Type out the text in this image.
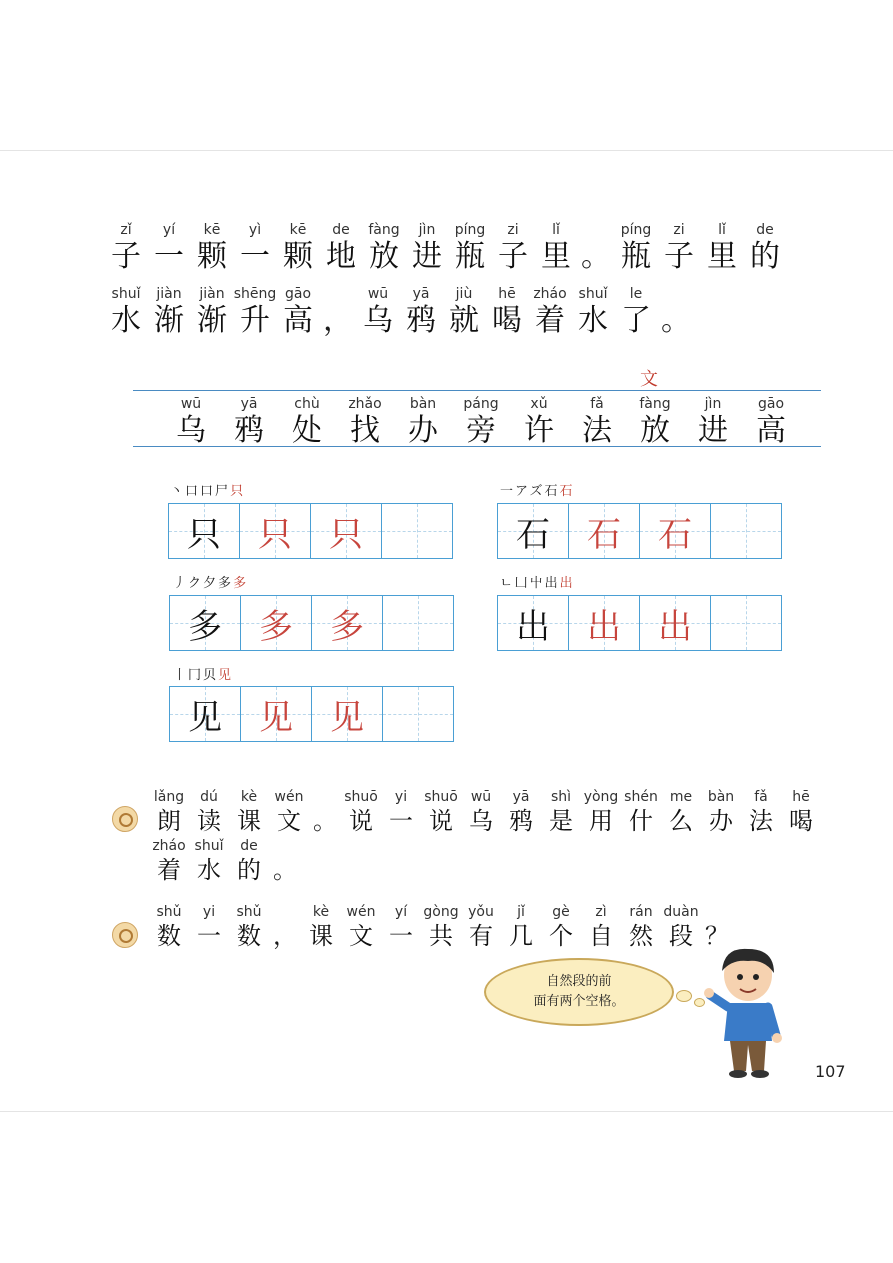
zǐ
子
yí
一
kē
颗
yì
一
kē
颗
de
地
fàng
放
jìn
进
píng
瓶
zi
子
lǐ
里 。
píng
瓶
zi
子
lǐ
里
de
的
shuǐ
水
jiàn
渐
jiàn
渐
shēng
升
gāo
高 ，
wū
乌
yā
鸦
jiù
就
hē
喝
zháo
着
shuǐ
水
le
了 。
文
wū
乌
yā
鸦
chù
处
zhǎo
找
bàn
办
páng
旁
xǔ
许
fǎ
法
fàng
放
jìn
进
gāo
高
丶口口尸只
只 只 只
一アズ石石
石 石 石
丿ク夕多多
多 多 多
ㄴ凵屮出出
出 出 出
丨冂贝见
见 见 见
lǎng
朗
dú
读
kè
课
wén
文 。
shuō
说
yi
一
shuō
说
wū
乌
yā
鸦
shì
是
yòng
用
shén
什
me
么
bàn
办
fǎ
法
hē
喝
zháo
着
shuǐ
水
de
的 。
shǔ
数
yi
一
shǔ
数 ，
kè
课
wén
文
yí
一
gòng
共
yǒu
有
jǐ
几
gè
个
zì
自
rán
然
duàn
段 ？
自然段的前
面有两个空格。
107
